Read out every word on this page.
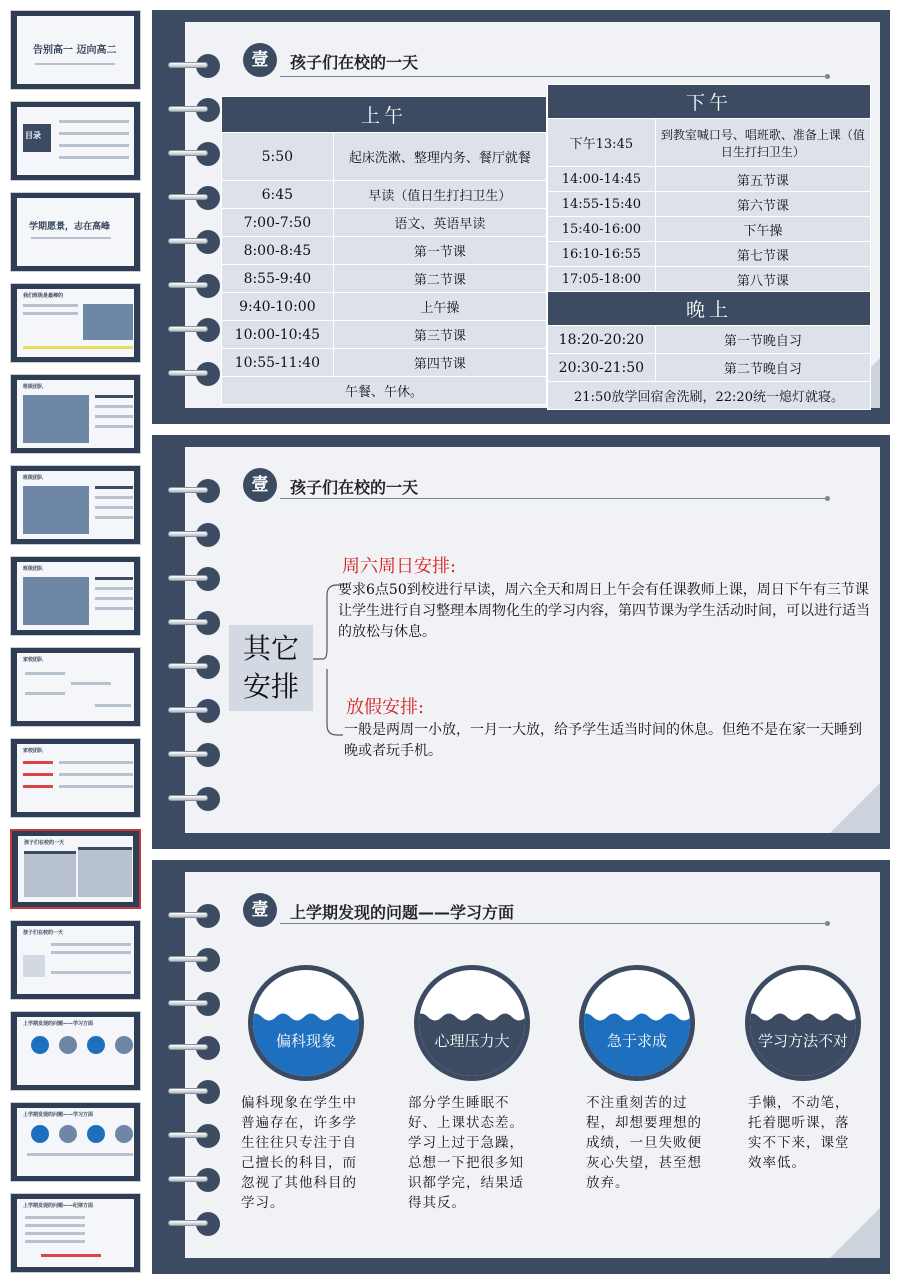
告别高一 迈向高二
目录
学期愿景，志在高峰
我们班级是最棒的
班级团队
班级团队
班级团队
家校团队
家校团队
孩子们在校的一天
孩子们在校的一天
上学期发现的问题——学习方面
上学期发现的问题——学习方面
上学期发现的问题——纪律方面
壹	孩子们在校的一天
上午	
5:50	起床洗漱、整理内务、餐厅就餐
6:45	早读（值日生打扫卫生）
7:00-7:50	语文、英语早读
8:00-8:45	第一节课
8:55-9:40	第二节课
9:40-10:00	上午操
10:00-10:45	第三节课
10:55-11:40	第四节课
午餐、午休。	
下午	
下午13:45	到教室喊口号、唱班歌、准备上课（值日生打扫卫生）
14:00-14:45	第五节课
14:55-15:40	第六节课
15:40-16:00	下午操
16:10-16:55	第七节课
17:05-18:00	第八节课
晚上	
18:20-20:20	第一节晚自习
20:30-21:50	第二节晚自习
21:50放学回宿舍洗刷，22:20统一熄灯就寝。	
壹	孩子们在校的一天
其它
安排
周六周日安排:
要求6点50到校进行早读，周六全天和周日上午会有任课教师上课，周日下午有三节课让学生进行自习整理本周物化生的学习内容，第四节课为学生活动时间，可以进行适当的放松与休息。
放假安排:
一般是两周一小放，一月一大放，给予学生适当时间的休息。但绝不是在家一天睡到晚或者玩手机。
壹	上学期发现的问题——学习方面
偏科现象
偏科现象在学生中普遍存在，许多学生往往只专注于自己擅长的科目，而忽视了其他科目的学习。
心理压力大
部分学生睡眠不好、上课状态差。学习上过于急躁，总想一下把很多知识都学完，结果适得其反。
急于求成
不注重刻苦的过程，却想要理想的成绩，一旦失败便灰心失望，甚至想放弃。
学习方法不对
手懒，不动笔，托着腮听课，落实不下来，课堂效率低。
